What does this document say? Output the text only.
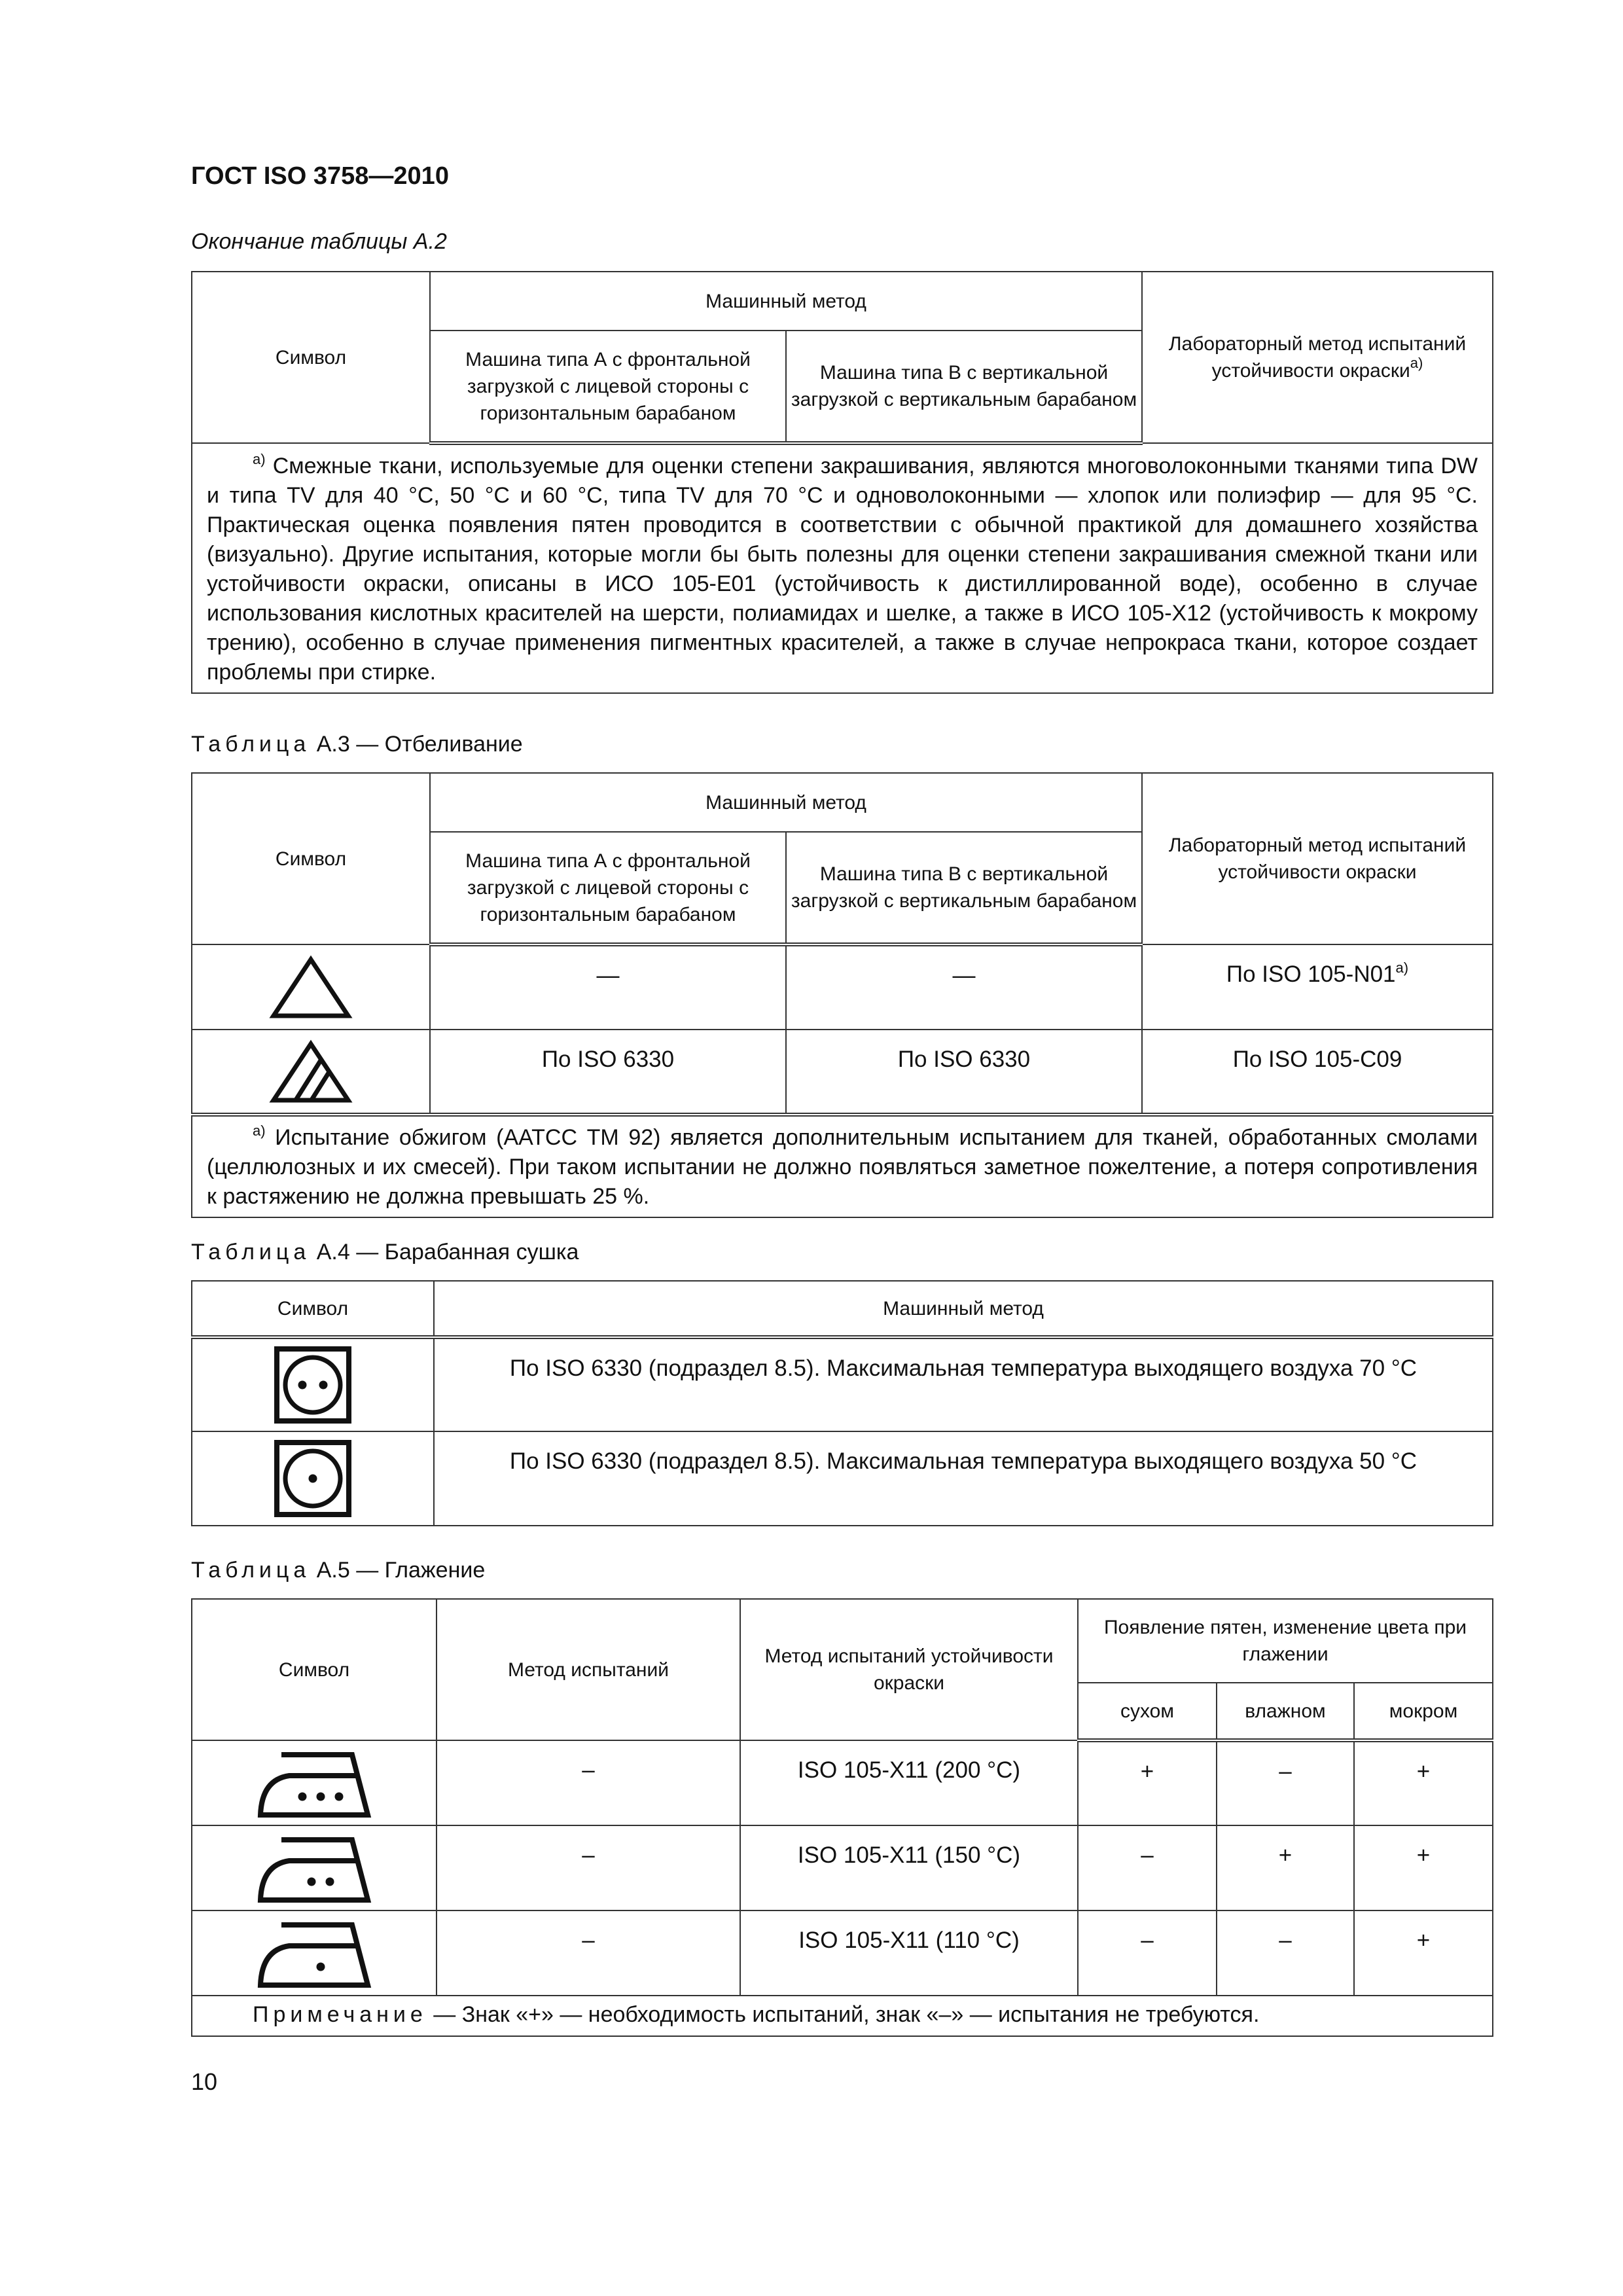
ГОСТ ISO 3758—2010
Окончание таблицы А.2
Символ	Машинный метод		Лабораторный метод испытаний устойчивости окраски$^{а)}$
	Машина типа А с фронтальной загрузкой с лицевой стороны с горизонтальным барабаном	Машина типа В с вертикальной загрузкой с вертикальным барабаном	
$^{а)}$ Смежные ткани, используемые для оценки степени закрашивания, являются многоволоконными тканями типа DW и типа TV для 40 °С, 50 °С и 60 °С, типа TV для 70 °С и одноволоконными — хлопок или полиэфир — для 95 °С. Практическая оценка появления пятен проводится в соответствии с обычной практикой для домашнего хозяйства (визуально). Другие испытания, которые могли бы быть полезны для оценки степени закрашивания смежной ткани или устойчивости окраски, описаны в ИСО 105-Е01 (устойчивость к дистиллированной воде), особенно в случае использования кислотных красителей на шерсти, полиамидах и шелке, а также в ИСО 105-Х12 (устойчивость к мокрому трению), особенно в случае применения пигментных красителей, а также в случае непрокраса ткани, которое создает проблемы при стирке.			
Таблица А.3 — Отбеливание
Символ	Машинный метод		Лабораторный метод испытаний устойчивости окраски
	Машина типа А с фронтальной загрузкой с лицевой стороны с горизонтальным барабаном	Машина типа В с вертикальной загрузкой с вертикальным барабаном	

	—	—	По ISO $105-N01^{а)}$

	По ISO 6330	По ISO 6330	По ISO 105-С09
$^{а)}$ Испытание обжигом (ААТСС ТМ 92) является дополнительным испытанием для тканей, обработанных смолами (целлюлозных и их смесей). При таком испытании не должно появляться заметное пожелтение, а потеря сопротивления к растяжению не должна превышать 25 %.			
Таблица А.4 — Барабанная сушка
Символ	Машинный метод

	По ISO 6330 (подраздел 8.5). Максимальная температура выходящего воздуха 70 °С

	По ISO 6330 (подраздел 8.5). Максимальная температура выходящего воздуха 50 °С
Таблица А.5 — Глажение
Символ	Метод испытаний	Метод испытаний устойчивости окраски	Появление пятен, изменение цвета при глажении		
			сухом	влажном	мокром

	–	ISO 105-Х11 (200 °С)	+	–	+

	–	ISO 105-Х11 (150 °С)	–	+	+

	–	ISO 105-Х11 (110 °С)	–	–	+
Примечание — Знак «+» — необходимость испытаний, знак «–» — испытания не требуются.					
10
